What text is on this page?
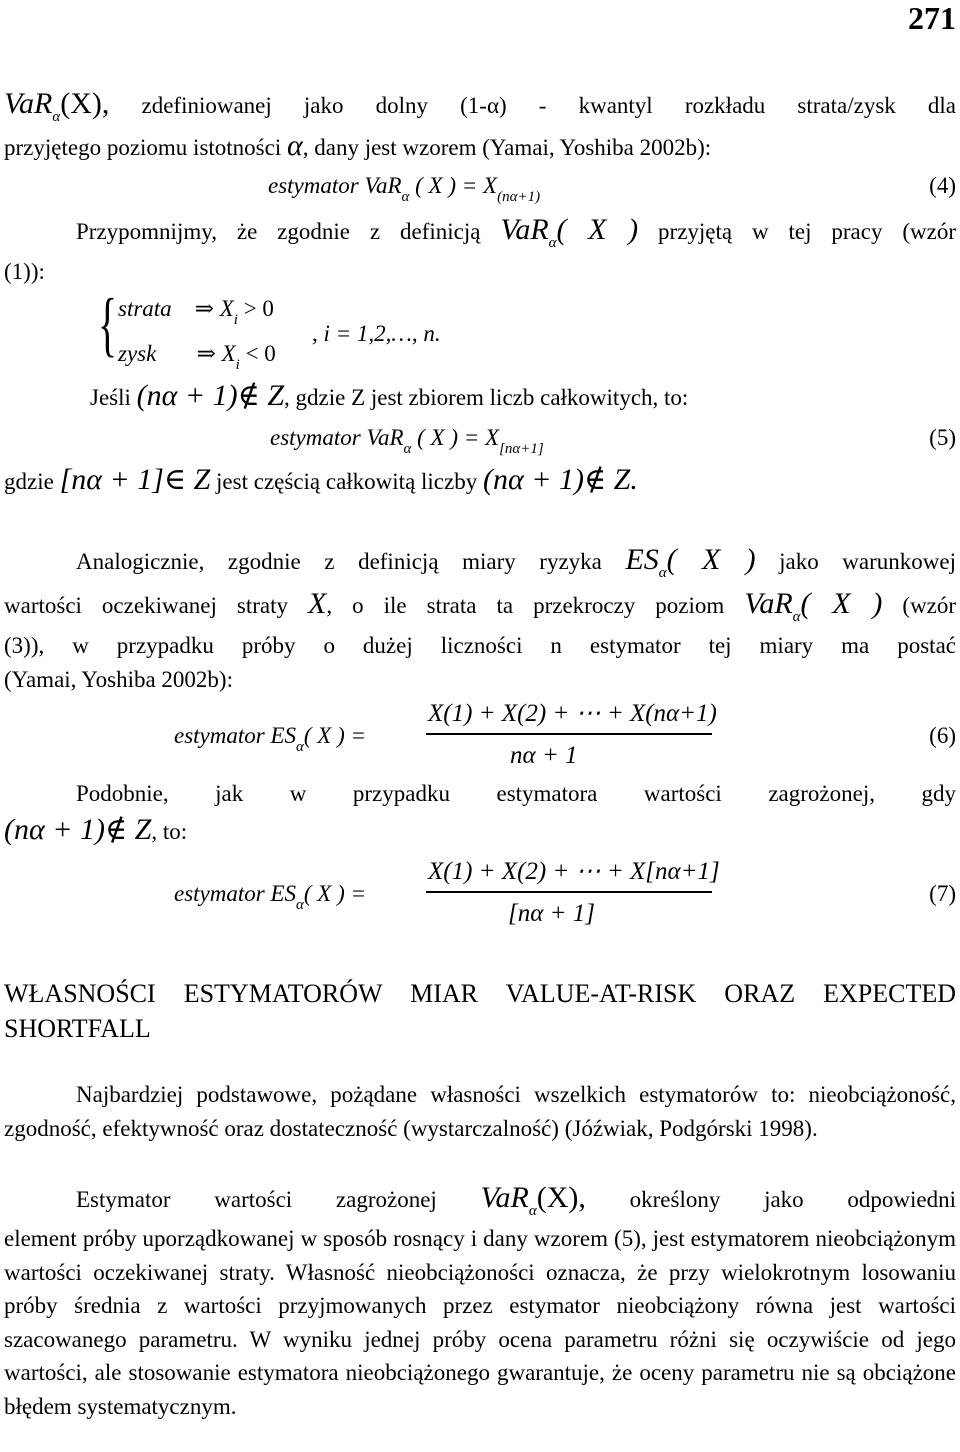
271
VaR$_\alpha$(X), zdefiniowanej jako dolny (1-α) - kwantyl rozkładu strata/zysk dla
przyjętego poziomu istotności α, dany jest wzorem (Yamai, Yoshiba 2002b):
estymator VaR$_\alpha$ ( X ) = $X_{(n\alpha+1)}$	(4)
Przypomnijmy, że zgodnie z definicją VaR$_\alpha$( X ) przyjętą w tej pracy (wzór
(1)):
{ strata ⇒ $X_i > 0$
zysk ⇒ $X_i < 0$
, i = 1,2,…, n.
Jeśli (nα + 1)∉ Z, gdzie Z jest zbiorem liczb całkowitych, to:
estymator VaR$_\alpha$ ( X ) = $X_{[n\alpha+1]}$	(5)
gdzie [nα + 1]∈ Z jest częścią całkowitą liczby (nα + 1)∉ Z.
Analogicznie, zgodnie z definicją miary ryzyka $ES_\alpha$( X ) jako warunkowej
wartości oczekiwanej straty X, o ile strata ta przekroczy poziom VaR$_\alpha$( X ) (wzór
(3)), w przypadku próby o dużej liczności n estymator tej miary ma postać
(Yamai, Yoshiba 2002b):
estymator $ES_\alpha$( X ) =
X(1) + X(2) + ⋯ + X(nα+1)
nα + 1
(6)
Podobnie, jak w przypadku estymatora wartości zagrożonej, gdy
(nα + 1)∉ Z, to:
estymator $ES_\alpha$( X ) =
X(1) + X(2) + ⋯ + X[nα+1]
[nα + 1]
(7)
WŁASNOŚCI ESTYMATORÓW MIAR VALUE-AT-RISK ORAZ EXPECTED SHORTFALL
Najbardziej podstawowe, pożądane własności wszelkich estymatorów to: nieobciążoność, zgodność, efektywność oraz dostateczność (wystarczalność) (Jóźwiak, Podgórski 1998).
Estymator wartości zagrożonej VaR$_\alpha$(X), określony jako odpowiedni
element próby uporządkowanej w sposób rosnący i dany wzorem (5), jest estymatorem nieobciążonym wartości oczekiwanej straty. Własność nieobciążoności oznacza, że przy wielokrotnym losowaniu próby średnia z wartości przyjmowanych przez estymator nieobciążony równa jest wartości szacowanego parametru. W wyniku jednej próby ocena parametru różni się oczywiście od jego wartości, ale stosowanie estymatora nieobciążonego gwarantuje, że oceny parametru nie są obciążone błędem systematycznym.
